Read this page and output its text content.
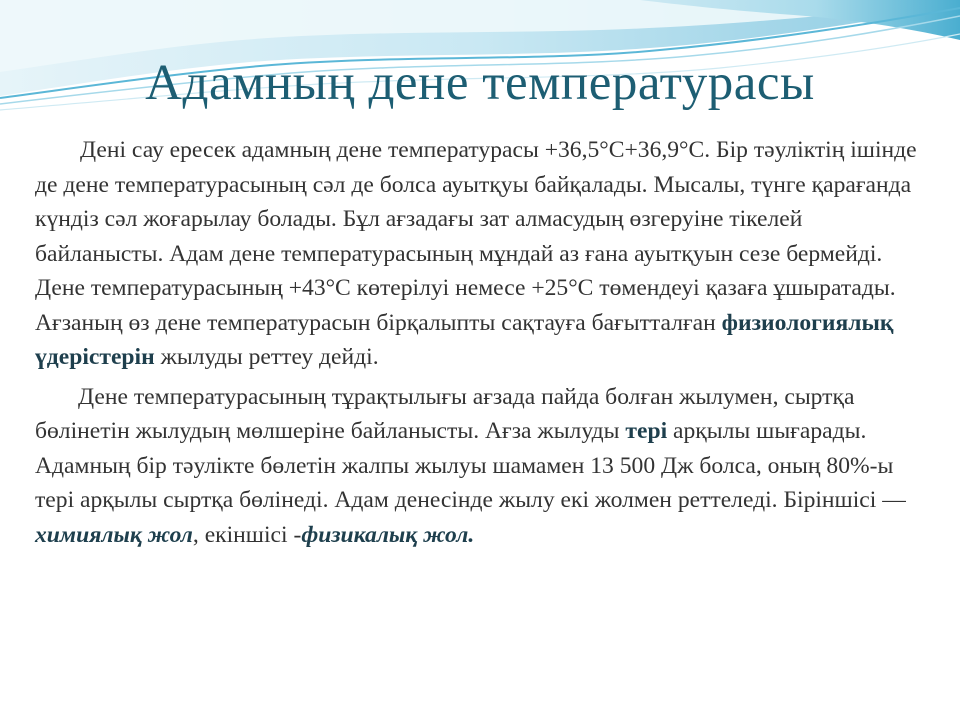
Адамның дене температурасы

Дені сау ересек адамның дене температурасы +36,5°С+36,9°С. Бір тәуліктің ішінде де дене температурасының сәл де болса ауытқуы байқалады. Мысалы, түнге қарағанда күндіз сәл жоғарылау болады. Бұл ағзадағы зат алмасудың өзгеруіне тікелей байланысты. Адам дене температурасының мұндай аз ғана ауытқуын сезе бермейді. Дене температурасының +43°С көтерілуі немесе +25°С төмендеуі қазаға ұшыратады. Ағзаның өз дене температурасын бірқалыпты сақтауға бағытталған физиологиялық үдерістерін жылуды реттеу дейді.

Дене температурасының тұрақтылығы ағзада пайда болған жылумен, сыртқа бөлінетін жылудың мөлшеріне байланысты. Ағза жылуды тері арқылы шығарады. Адамның бір тәулікте бөлетін жалпы жылуы шамамен 13 500 Дж болса, оның 80%-ы тері арқылы сыртқа бөлінеді. Адам денесінде жылу екі жолмен реттеледі. Біріншісі — химиялық жол, екіншісі -физикалық жол.
